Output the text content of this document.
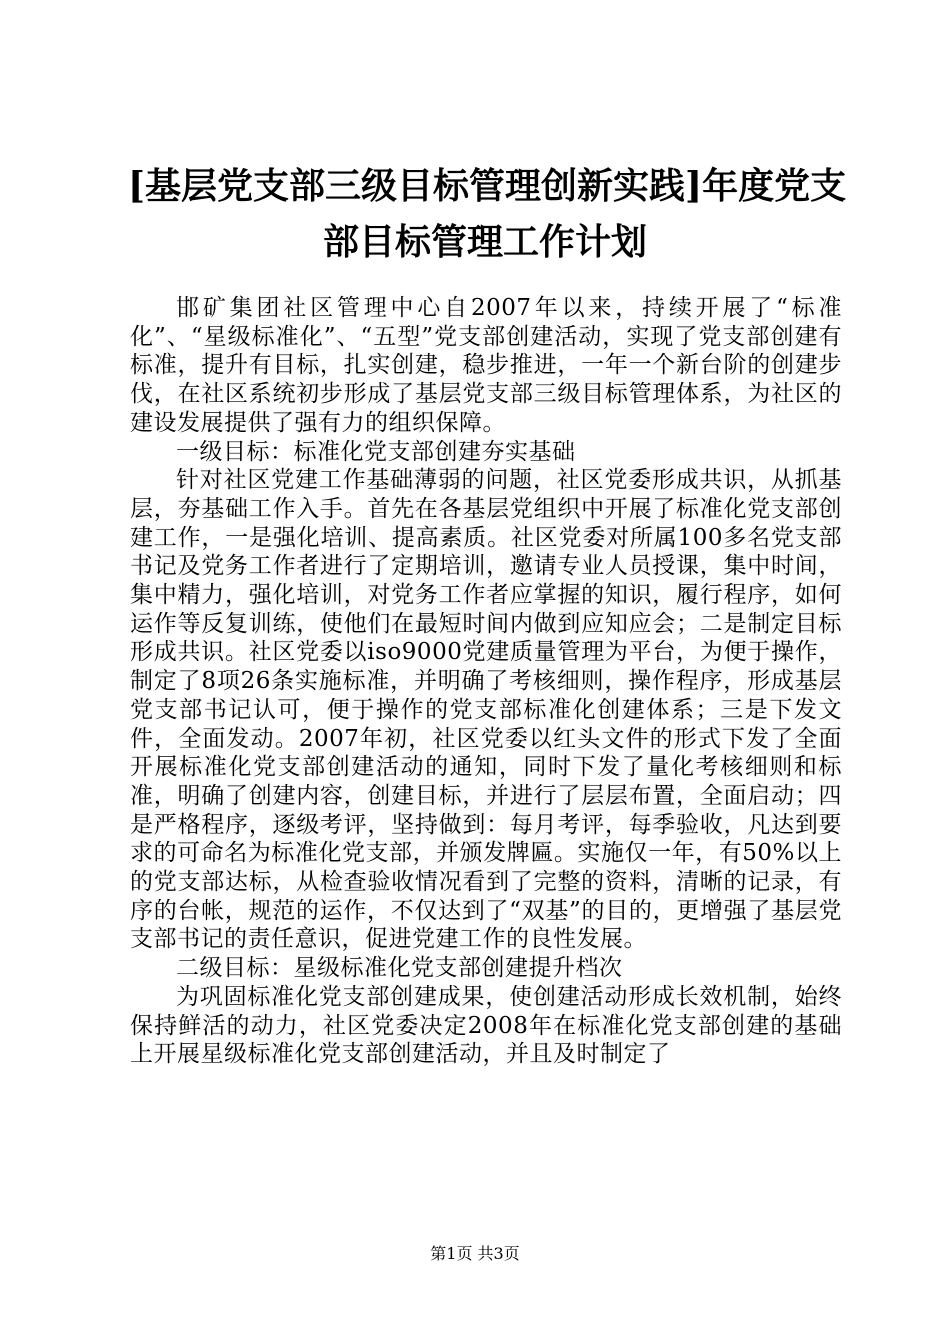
[基层党支部三级目标管理创新实践]年度党支
部目标管理工作计划

邯矿集团社区管理中心自2007年以来，持续开展了“标准化”、“星级标准化”、“五型”党支部创建活动，实现了党支部创建有标准，提升有目标，扎实创建，稳步推进，一年一个新台阶的创建步伐，在社区系统初步形成了基层党支部三级目标管理体系，为社区的建设发展提供了强有力的组织保障。

一级目标：标准化党支部创建夯实基础

针对社区党建工作基础薄弱的问题，社区党委形成共识，从抓基层，夯基础工作入手。首先在各基层党组织中开展了标准化党支部创建工作，一是强化培训、提高素质。社区党委对所属100多名党支部书记及党务工作者进行了定期培训，邀请专业人员授课，集中时间，集中精力，强化培训，对党务工作者应掌握的知识，履行程序，如何运作等反复训练，使他们在最短时间内做到应知应会；二是制定目标形成共识。社区党委以iso9000党建质量管理为平台，为便于操作，制定了8项26条实施标准，并明确了考核细则，操作程序，形成基层党支部书记认可，便于操作的党支部标准化创建体系；三是下发文件，全面发动。2007年初，社区党委以红头文件的形式下发了全面开展标准化党支部创建活动的通知，同时下发了量化考核细则和标准，明确了创建内容，创建目标，并进行了层层布置，全面启动；四是严格程序，逐级考评，坚持做到：每月考评，每季验收，凡达到要求的可命名为标准化党支部，并颁发牌匾。实施仅一年，有50%以上的党支部达标，从检查验收情况看到了完整的资料，清晰的记录，有序的台帐，规范的运作，不仅达到了“双基”的目的，更增强了基层党支部书记的责任意识，促进党建工作的良性发展。

二级目标：星级标准化党支部创建提升档次

为巩固标准化党支部创建成果，使创建活动形成长效机制，始终保持鲜活的动力，社区党委决定2008年在标准化党支部创建的基础上开展星级标准化党支部创建活动，并且及时制定了

第1页 共3页
